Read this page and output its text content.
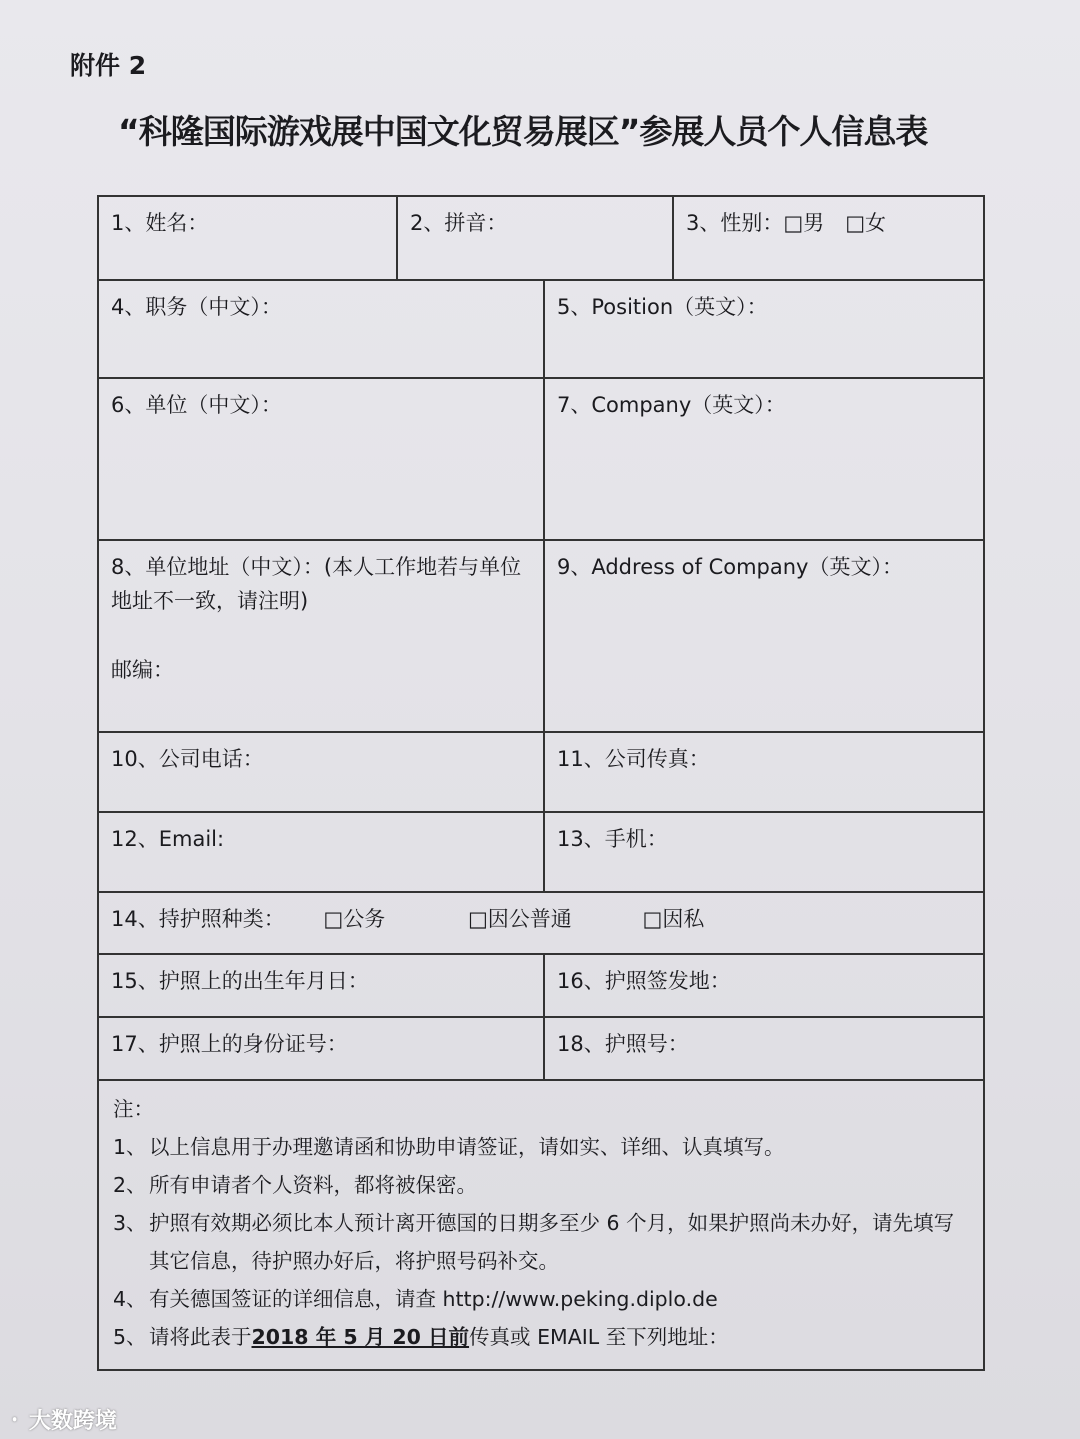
附件 2
“科隆国际游戏展中国文化贸易展区”参展人员个人信息表
1、姓名：	2、拼音：	3、性别：□男　□女
4、职务（中文）：	5、Position（英文）：
6、单位（中文）：	7、Company（英文）：
8、单位地址（中文）：(本人工作地若与单位地址不一致，请注明)
邮编：
9、Address of Company（英文）：
10、公司电话：	11、公司传真：
12、Email:	13、手机：
14、持护照种类： □公务	□因公普通	□因私
15、护照上的出生年月日：	16、护照签发地：
17、护照上的身份证号：	18、护照号：
注：
1、 以上信息用于办理邀请函和协助申请签证，请如实、详细、认真填写。
2、 所有申请者个人资料，都将被保密。
3、 护照有效期必须比本人预计离开德国的日期多至少 6 个月，如果护照尚未办好，请先填写其它信息，待护照办好后，将护照号码补交。
4、 有关德国签证的详细信息，请查 http://www.peking.diplo.de
5、 请将此表于2018 年 5 月 20 日前传真或 EMAIL 至下列地址：
᛫ 大数跨境
